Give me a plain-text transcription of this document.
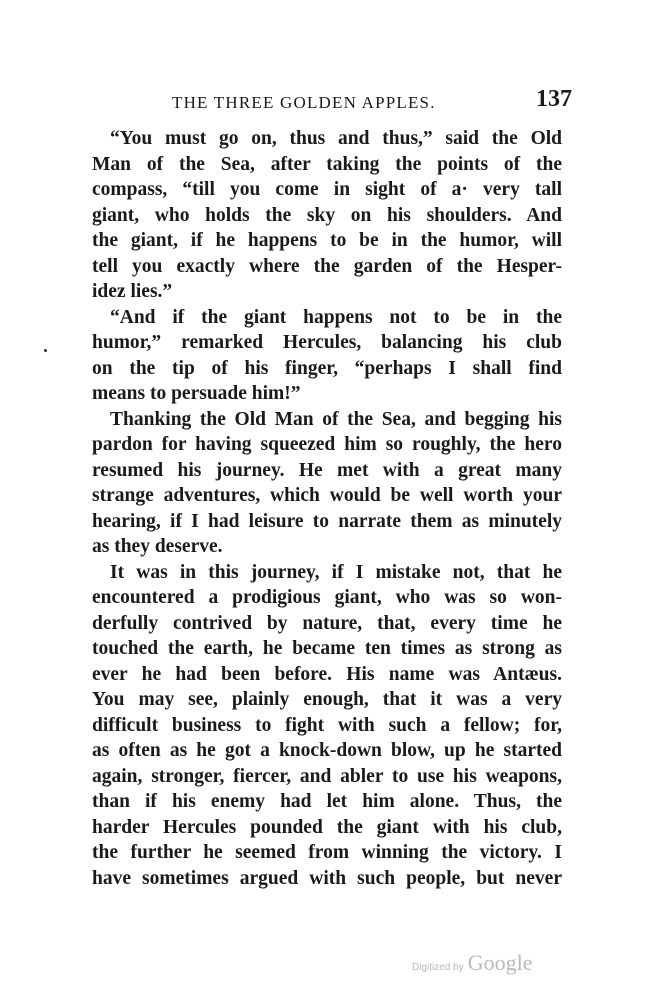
THE THREE GOLDEN APPLES.	137
“You must go on, thus and thus,” said the Old
Man of the Sea, after taking the points of the
compass, “till you come in sight of a· very tall
giant, who holds the sky on his shoulders. And
the giant, if he happens to be in the humor, will
tell you exactly where the garden of the Hesper-
idez lies.”
“And if the giant happens not to be in the
humor,” remarked Hercules, balancing his club
on the tip of his finger, “perhaps I shall find
means to persuade him!”
Thanking the Old Man of the Sea, and begging his
pardon for having squeezed him so roughly, the hero
resumed his journey. He met with a great many
strange adventures, which would be well worth your
hearing, if I had leisure to narrate them as minutely
as they deserve.
It was in this journey, if I mistake not, that he
encountered a prodigious giant, who was so won-
derfully contrived by nature, that, every time he
touched the earth, he became ten times as strong as
ever he had been before. His name was Antæus.
You may see, plainly enough, that it was a very
difficult business to fight with such a fellow; for,
as often as he got a knock-down blow, up he started
again, stronger, fiercer, and abler to use his weapons,
than if his enemy had let him alone. Thus, the
harder Hercules pounded the giant with his club,
the further he seemed from winning the victory. I
have sometimes argued with such people, but never
Digitized by Google
